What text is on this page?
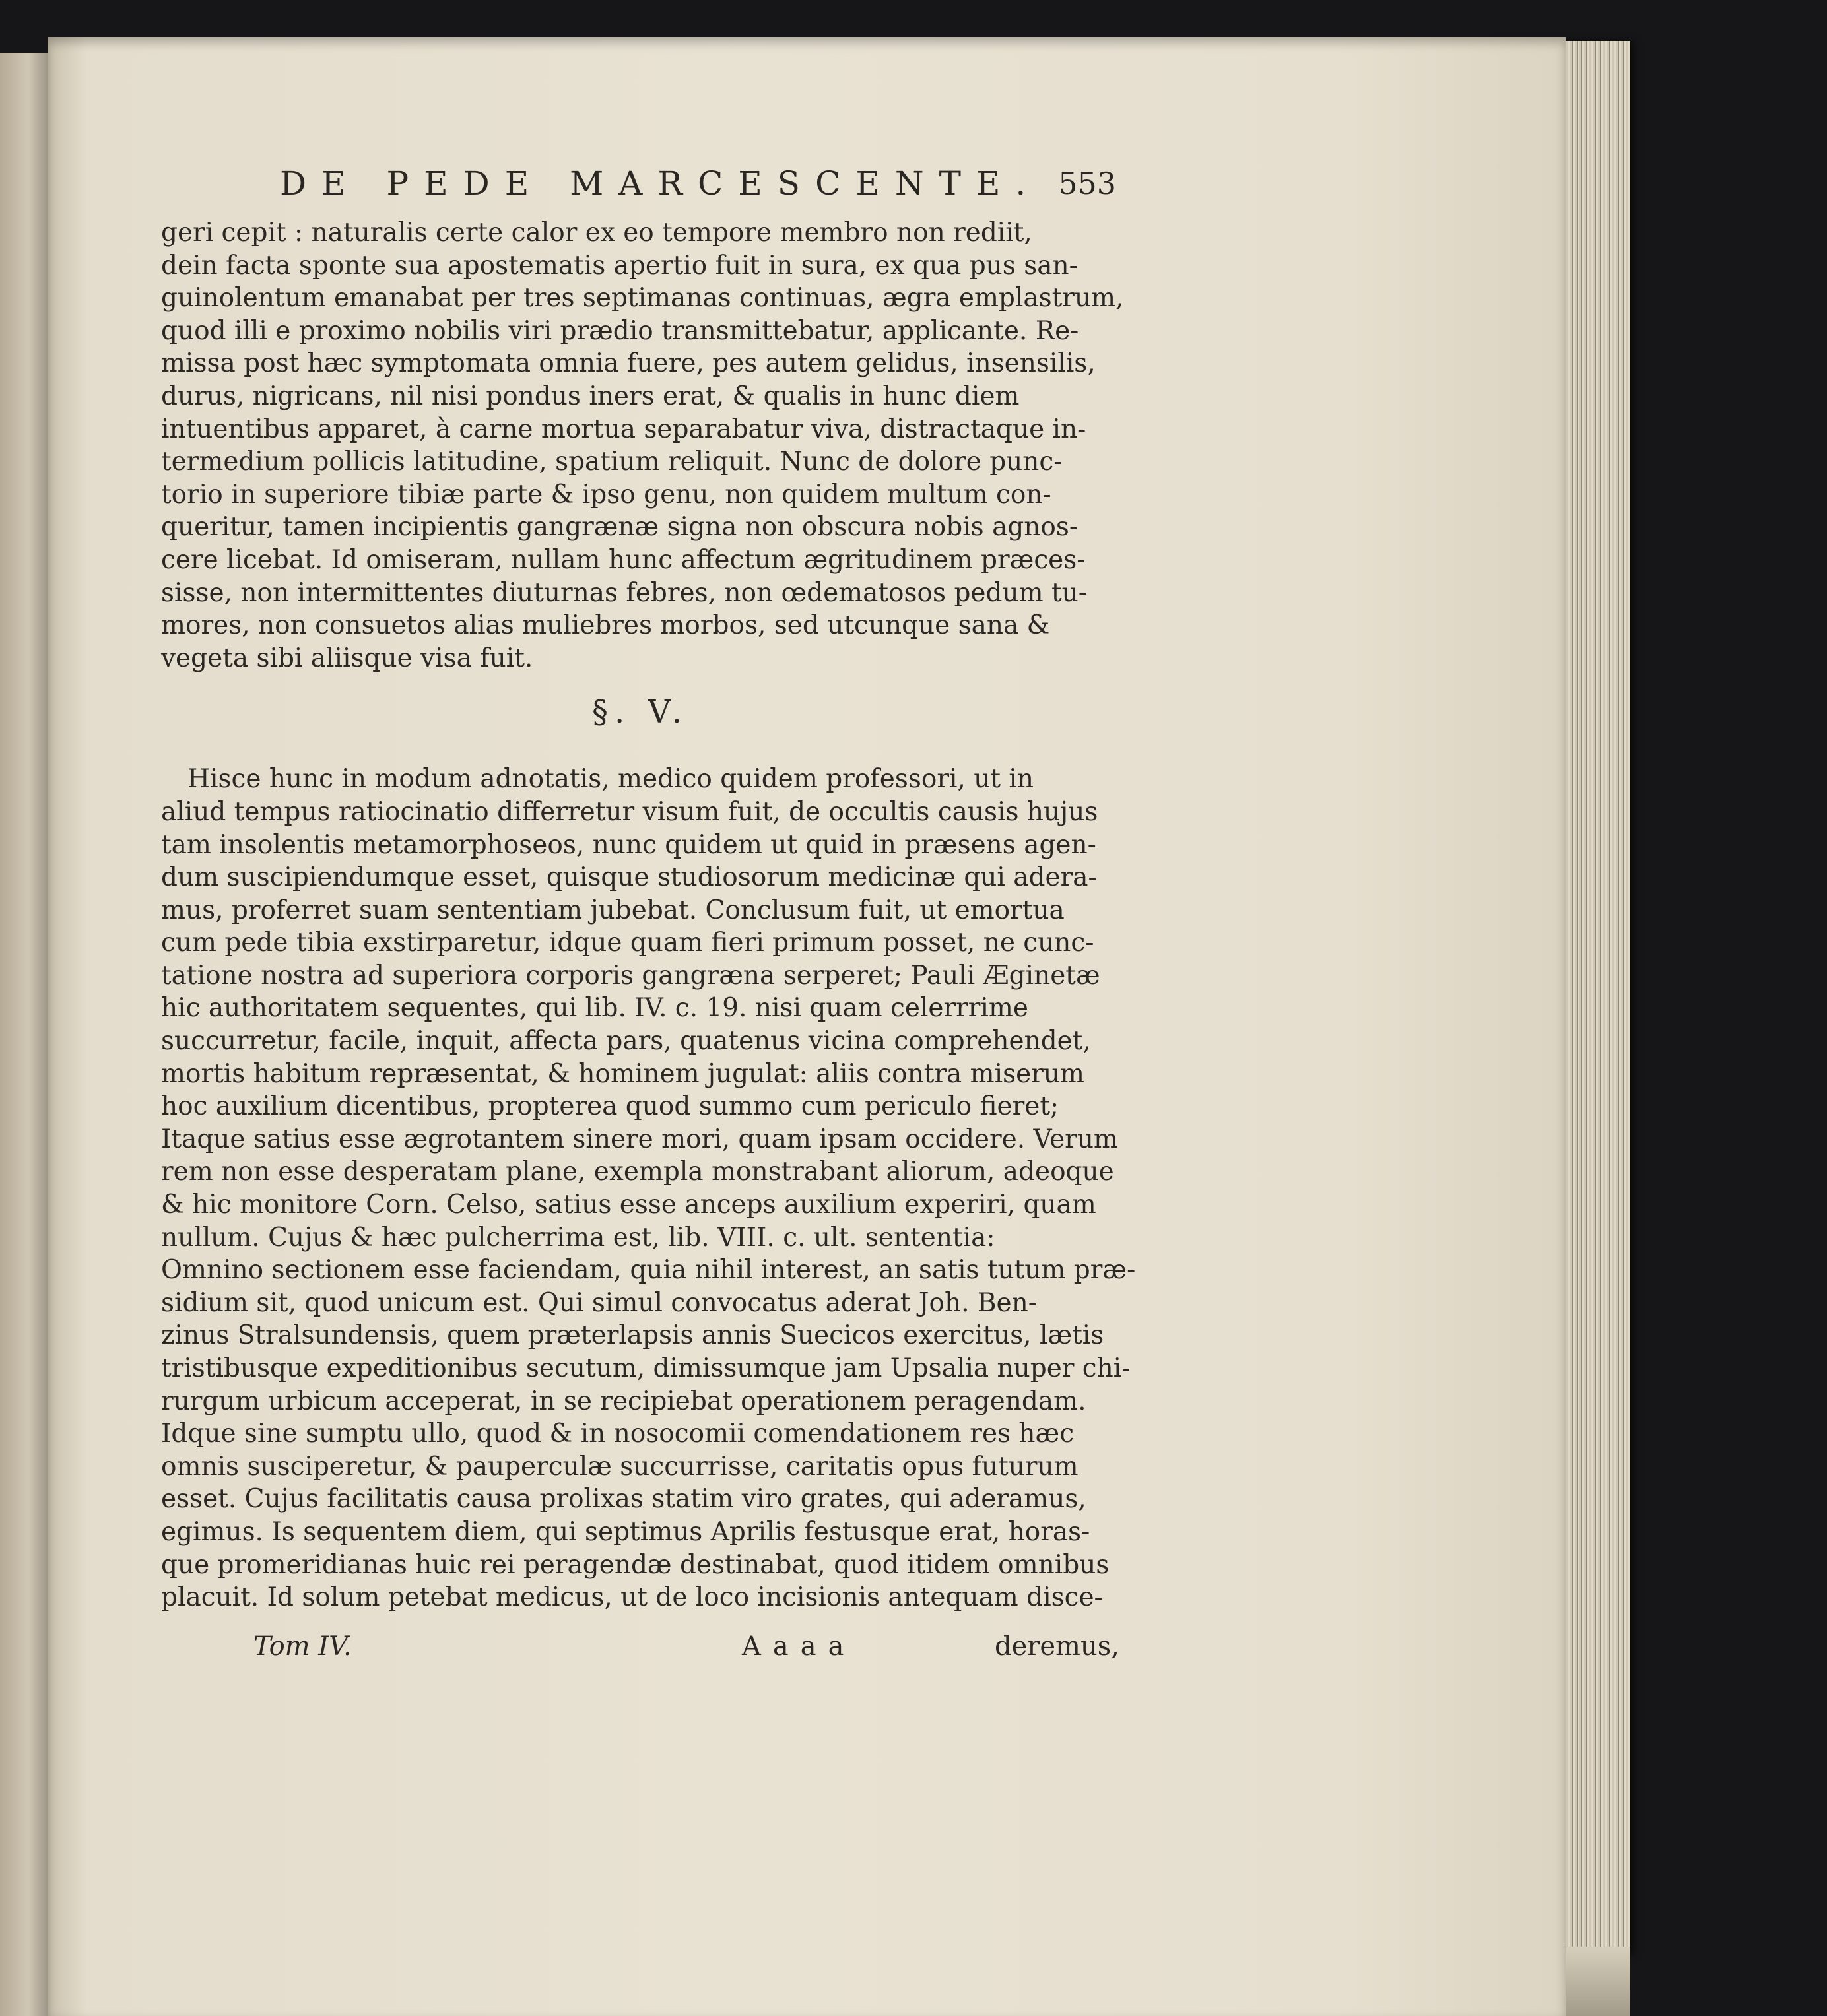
DE PEDE MARCESCENTE. 553
geri cepit : naturalis certe calor ex eo tempore membro non rediit,
dein facta sponte sua apostematis apertio fuit in sura, ex qua pus san-
guinolentum emanabat per tres septimanas continuas, ægra emplastrum,
quod illi e proximo nobilis viri prædio transmittebatur, applicante. Re-
missa post hæc symptomata omnia fuere, pes autem gelidus, insensilis,
durus, nigricans, nil nisi pondus iners erat, & qualis in hunc diem
intuentibus apparet, à carne mortua separabatur viva, distractaque in-
termedium pollicis latitudine, spatium reliquit. Nunc de dolore punc-
torio in superiore tibiæ parte & ipso genu, non quidem multum con-
queritur, tamen incipientis gangrænæ signa non obscura nobis agnos-
cere licebat. Id omiseram, nullam hunc affectum ægritudinem præces-
sisse, non intermittentes diuturnas febres, non œdematosos pedum tu-
mores, non consuetos alias muliebres morbos, sed utcunque sana &
vegeta sibi aliisque visa fuit.
§. V.
Hisce hunc in modum adnotatis, medico quidem professori, ut in
aliud tempus ratiocinatio differretur visum fuit, de occultis causis hujus
tam insolentis metamorphoseos, nunc quidem ut quid in præsens agen-
dum suscipiendumque esset, quisque studiosorum medicinæ qui adera-
mus, proferret suam sententiam jubebat. Conclusum fuit, ut emortua
cum pede tibia exstirparetur, idque quam fieri primum posset, ne cunc-
tatione nostra ad superiora corporis gangræna serperet; Pauli Æginetæ
hic authoritatem sequentes, qui lib. IV. c. 19. nisi quam celerrrime
succurretur, facile, inquit, affecta pars, quatenus vicina comprehendet,
mortis habitum repræsentat, & hominem jugulat: aliis contra miserum
hoc auxilium dicentibus, propterea quod summo cum periculo fieret;
Itaque satius esse ægrotantem sinere mori, quam ipsam occidere. Verum
rem non esse desperatam plane, exempla monstrabant aliorum, adeoque
& hic monitore Corn. Celso, satius esse anceps auxilium experiri, quam
nullum. Cujus & hæc pulcherrima est, lib. VIII. c. ult. sententia:
Omnino sectionem esse faciendam, quia nihil interest, an satis tutum præ-
sidium sit, quod unicum est. Qui simul convocatus aderat Joh. Ben-
zinus Stralsundensis, quem præterlapsis annis Suecicos exercitus, lætis
tristibusque expeditionibus secutum, dimissumque jam Upsalia nuper chi-
rurgum urbicum acceperat, in se recipiebat operationem peragendam.
Idque sine sumptu ullo, quod & in nosocomii comendationem res hæc
omnis susciperetur, & pauperculæ succurrisse, caritatis opus futurum
esset. Cujus facilitatis causa prolixas statim viro grates, qui aderamus,
egimus. Is sequentem diem, qui septimus Aprilis festusque erat, horas-
que promeridianas huic rei peragendæ destinabat, quod itidem omnibus
placuit. Id solum petebat medicus, ut de loco incisionis antequam disce-
Tom IV.	Aaaa	deremus,
